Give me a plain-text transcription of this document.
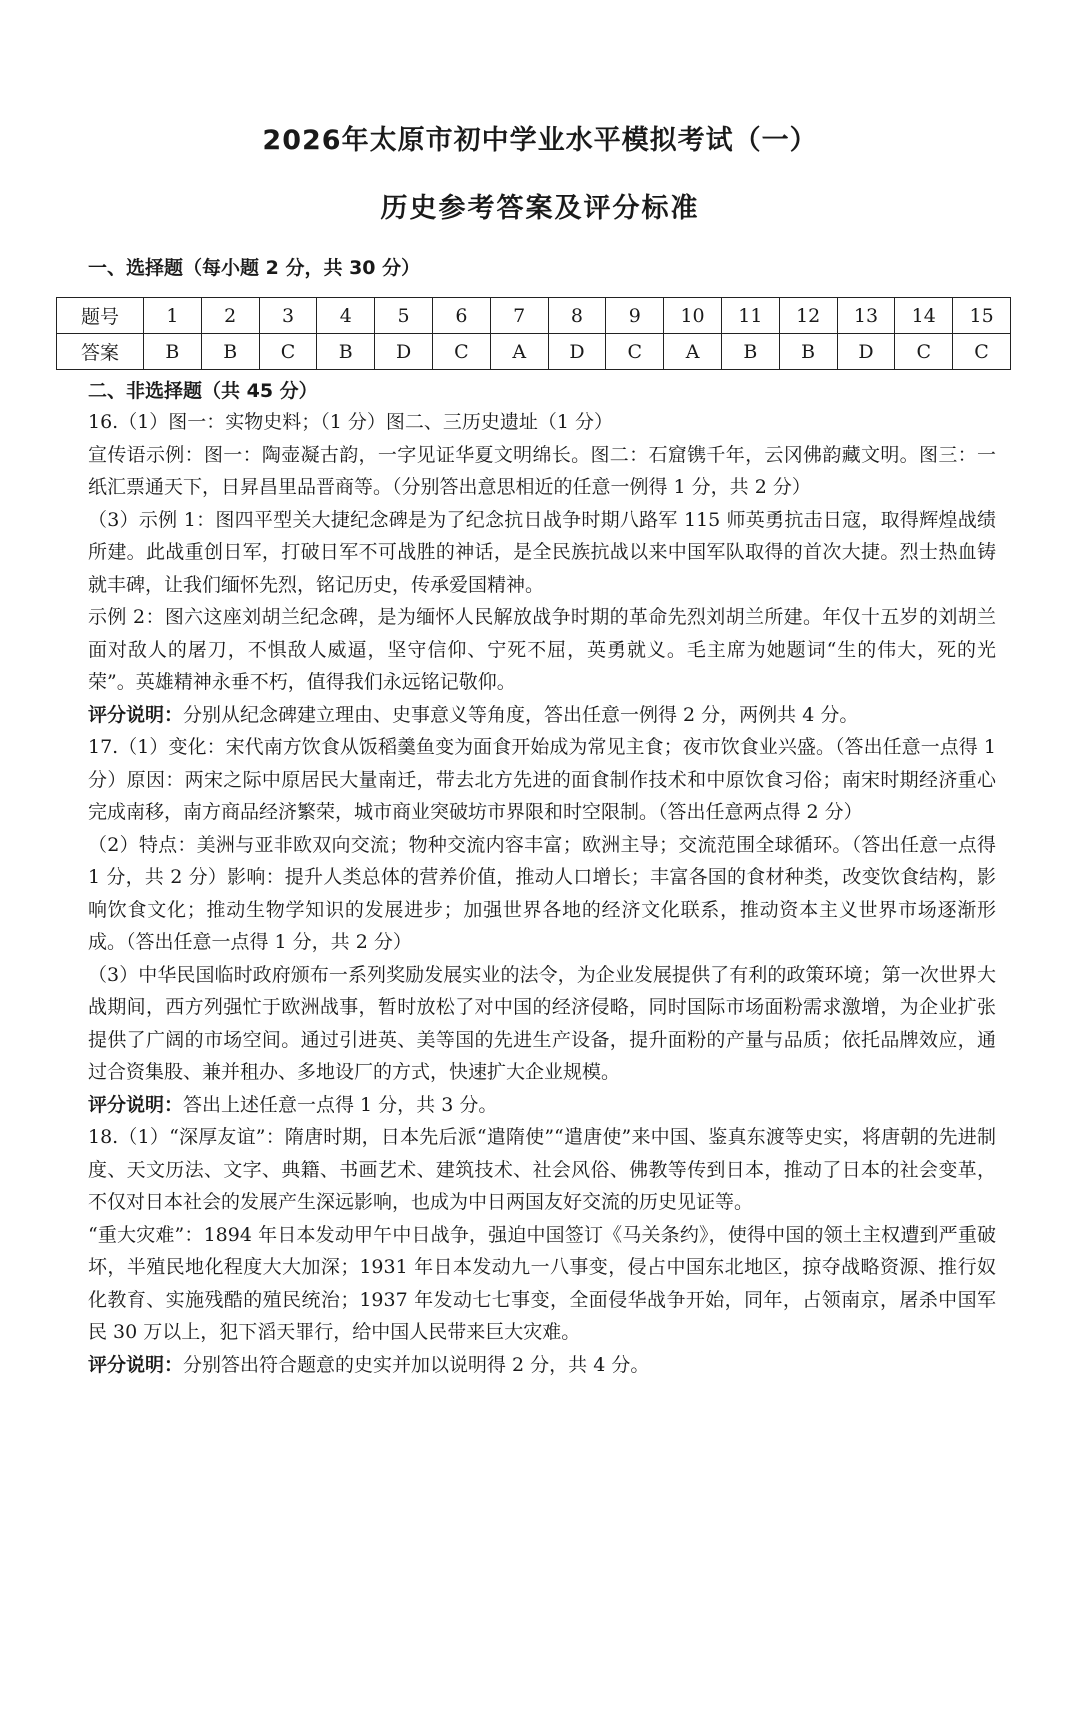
2026年太原市初中学业水平模拟考试（一）
历史参考答案及评分标准

一、选择题（每小题 2 分，共 30 分）

题号	1	2	3	4	5	6	7	8	9	10	11	12	13	14	15
答案	B	B	C	B	D	C	A	D	C	A	B	B	D	C	C

二、非选择题（共 45 分）

16.（1）图一：实物史料；（1 分）图二、三历史遗址（1 分）

宣传语示例：图一：陶壶凝古韵，一字见证华夏文明绵长。图二：石窟镌千年，云冈佛韵藏文明。图三：一纸汇票通天下，日昇昌里品晋商等。（分别答出意思相近的任意一例得 1 分，共 2 分）

（3）示例 1：图四平型关大捷纪念碑是为了纪念抗日战争时期八路军 115 师英勇抗击日寇，取得辉煌战绩所建。此战重创日军，打破日军不可战胜的神话，是全民族抗战以来中国军队取得的首次大捷。烈士热血铸就丰碑，让我们缅怀先烈，铭记历史，传承爱国精神。

示例 2：图六这座刘胡兰纪念碑，是为缅怀人民解放战争时期的革命先烈刘胡兰所建。年仅十五岁的刘胡兰面对敌人的屠刀，不惧敌人威逼，坚守信仰、宁死不屈，英勇就义。毛主席为她题词“生的伟大，死的光荣”。英雄精神永垂不朽，值得我们永远铭记敬仰。

评分说明：分别从纪念碑建立理由、史事意义等角度，答出任意一例得 2 分，两例共 4 分。

17.（1）变化：宋代南方饮食从饭稻羹鱼变为面食开始成为常见主食；夜市饮食业兴盛。（答出任意一点得 1 分）原因：两宋之际中原居民大量南迁，带去北方先进的面食制作技术和中原饮食习俗；南宋时期经济重心完成南移，南方商品经济繁荣，城市商业突破坊市界限和时空限制。（答出任意两点得 2 分）

（2）特点：美洲与亚非欧双向交流；物种交流内容丰富；欧洲主导；交流范围全球循环。（答出任意一点得 1 分，共 2 分）影响：提升人类总体的营养价值，推动人口增长；丰富各国的食材种类，改变饮食结构，影响饮食文化；推动生物学知识的发展进步；加强世界各地的经济文化联系，推动资本主义世界市场逐渐形成。（答出任意一点得 1 分，共 2 分）

（3）中华民国临时政府颁布一系列奖励发展实业的法令，为企业发展提供了有利的政策环境；第一次世界大战期间，西方列强忙于欧洲战事，暂时放松了对中国的经济侵略，同时国际市场面粉需求激增，为企业扩张提供了广阔的市场空间。通过引进英、美等国的先进生产设备，提升面粉的产量与品质；依托品牌效应，通过合资集股、兼并租办、多地设厂的方式，快速扩大企业规模。

评分说明：答出上述任意一点得 1 分，共 3 分。

18.（1）“深厚友谊”：隋唐时期，日本先后派“遣隋使”“遣唐使”来中国、鉴真东渡等史实，将唐朝的先进制度、天文历法、文字、典籍、书画艺术、建筑技术、社会风俗、佛教等传到日本，推动了日本的社会变革，不仅对日本社会的发展产生深远影响，也成为中日两国友好交流的历史见证等。

“重大灾难”：1894 年日本发动甲午中日战争，强迫中国签订《马关条约》，使得中国的领土主权遭到严重破坏，半殖民地化程度大大加深；1931 年日本发动九一八事变，侵占中国东北地区，掠夺战略资源、推行奴化教育、实施残酷的殖民统治；1937 年发动七七事变，全面侵华战争开始，同年，占领南京，屠杀中国军民 30 万以上，犯下滔天罪行，给中国人民带来巨大灾难。

评分说明：分别答出符合题意的史实并加以说明得 2 分，共 4 分。
